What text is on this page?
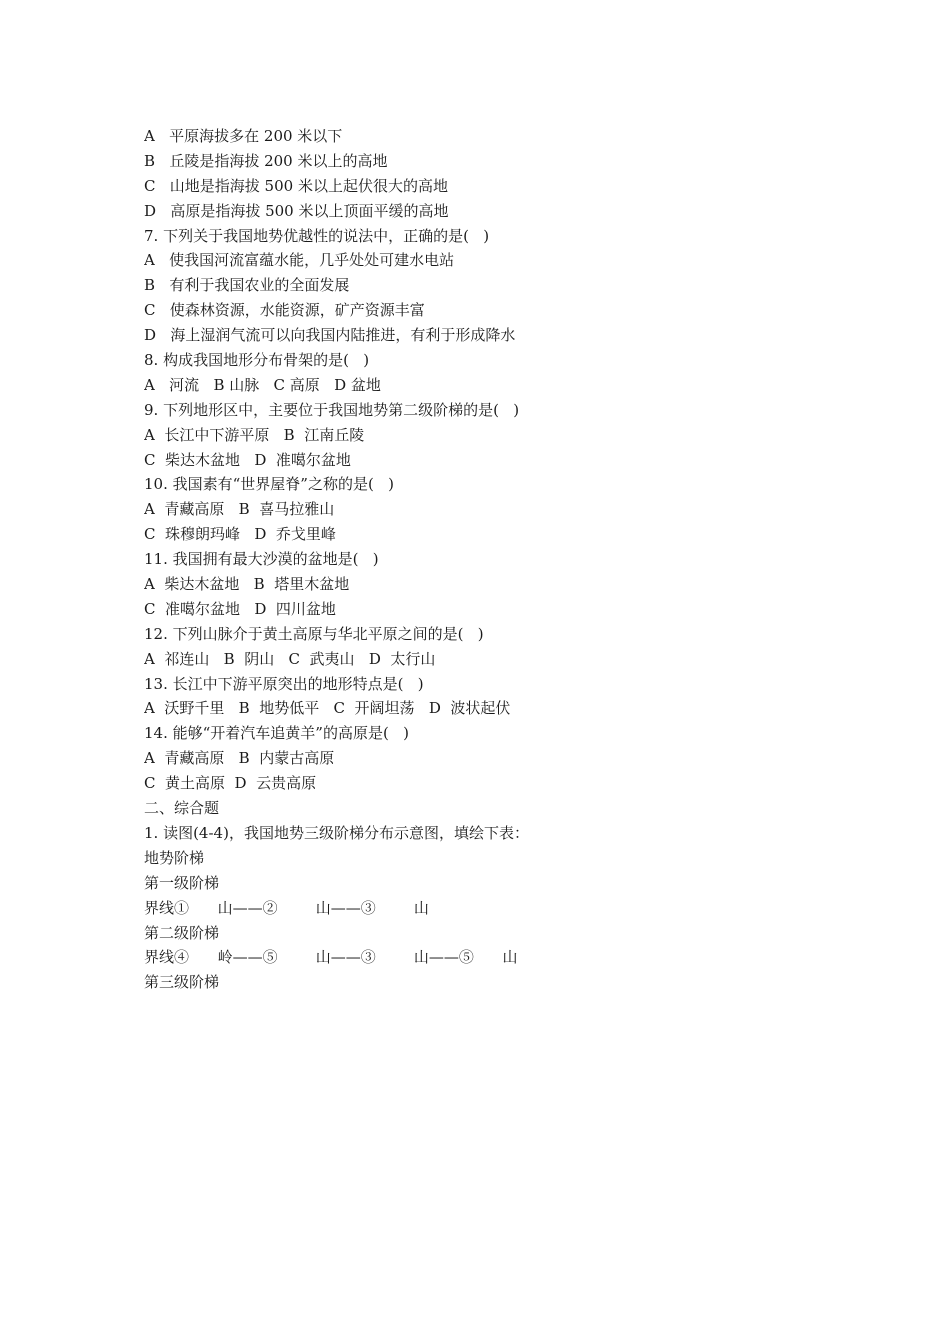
A   平原海拔多在 200 米以下
B   丘陵是指海拔 200 米以上的高地
C   山地是指海拔 500 米以上起伏很大的高地
D   高原是指海拔 500 米以上顶面平缓的高地
7. 下列关于我国地势优越性的说法中，正确的是(   )
A   使我国河流富蕴水能，几乎处处可建水电站
B   有利于我国农业的全面发展
C   使森林资源，水能资源，矿产资源丰富
D   海上湿润气流可以向我国内陆推进，有利于形成降水
8. 构成我国地形分布骨架的是(   )
A   河流   B 山脉   C 高原   D 盆地
9. 下列地形区中，主要位于我国地势第二级阶梯的是(   )
A  长江中下游平原   B  江南丘陵
C  柴达木盆地   D  准噶尔盆地
10. 我国素有“世界屋脊”之称的是(   )
A  青藏高原   B  喜马拉雅山
C  珠穆朗玛峰   D  乔戈里峰
11. 我国拥有最大沙漠的盆地是(   )
A  柴达木盆地   B  塔里木盆地
C  准噶尔盆地   D  四川盆地
12. 下列山脉介于黄土高原与华北平原之间的是(   )
A  祁连山   B  阴山   C  武夷山   D  太行山
13. 长江中下游平原突出的地形特点是(   )
A  沃野千里   B  地势低平   C  开阔坦荡   D  波状起伏
14. 能够“开着汽车追黄羊”的高原是(   )
A  青藏高原   B  内蒙古高原
C  黄土高原  D  云贵高原
二、综合题
1. 读图(4-4)，我国地势三级阶梯分布示意图，填绘下表：
地势阶梯
第一级阶梯
界线①      山——②        山——③        山
第二级阶梯
界线④      岭——⑤        山——③        山——⑤      山
第三级阶梯
